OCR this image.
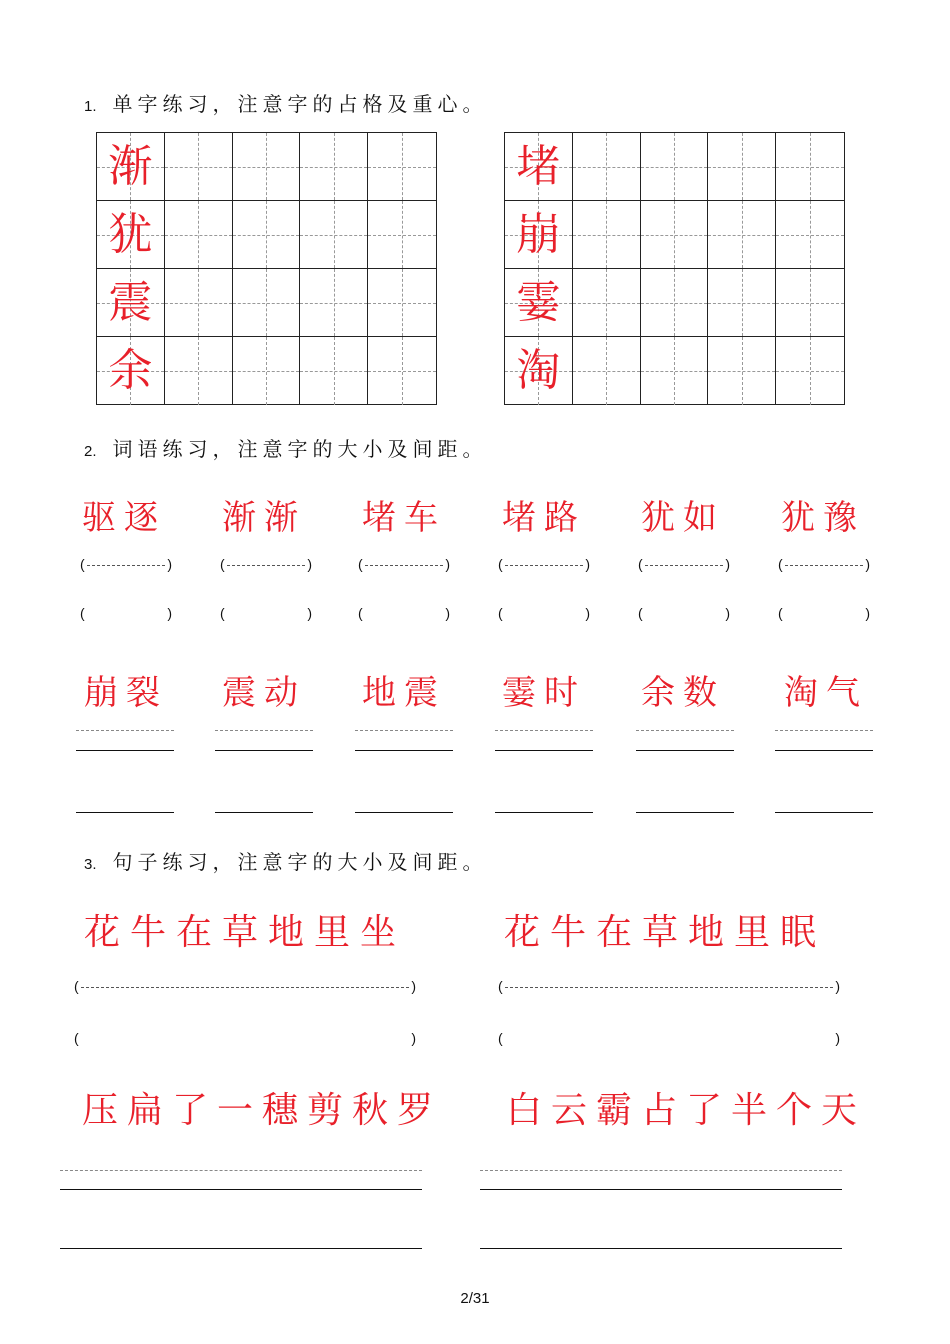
1. 单字练习，注意字的占格及重心。
渐
犹
震
余
堵
崩
霎
淘
2. 词语练习，注意字的大小及间距。
驱逐 渐渐 堵车 堵路 犹如 犹豫
(	)	(	)	(	)	(	)	(	)	(	)
(	)	(	)	(	)	(	)	(	)	(	)
崩裂 震动 地震 霎时 余数 淘气
3. 句子练习，注意字的大小及间距。
花牛在草地里坐	花牛在草地里眠
(	)	(	)
(	)	(	)
压扁了一穗剪秋罗 白云霸占了半个天
2/31
